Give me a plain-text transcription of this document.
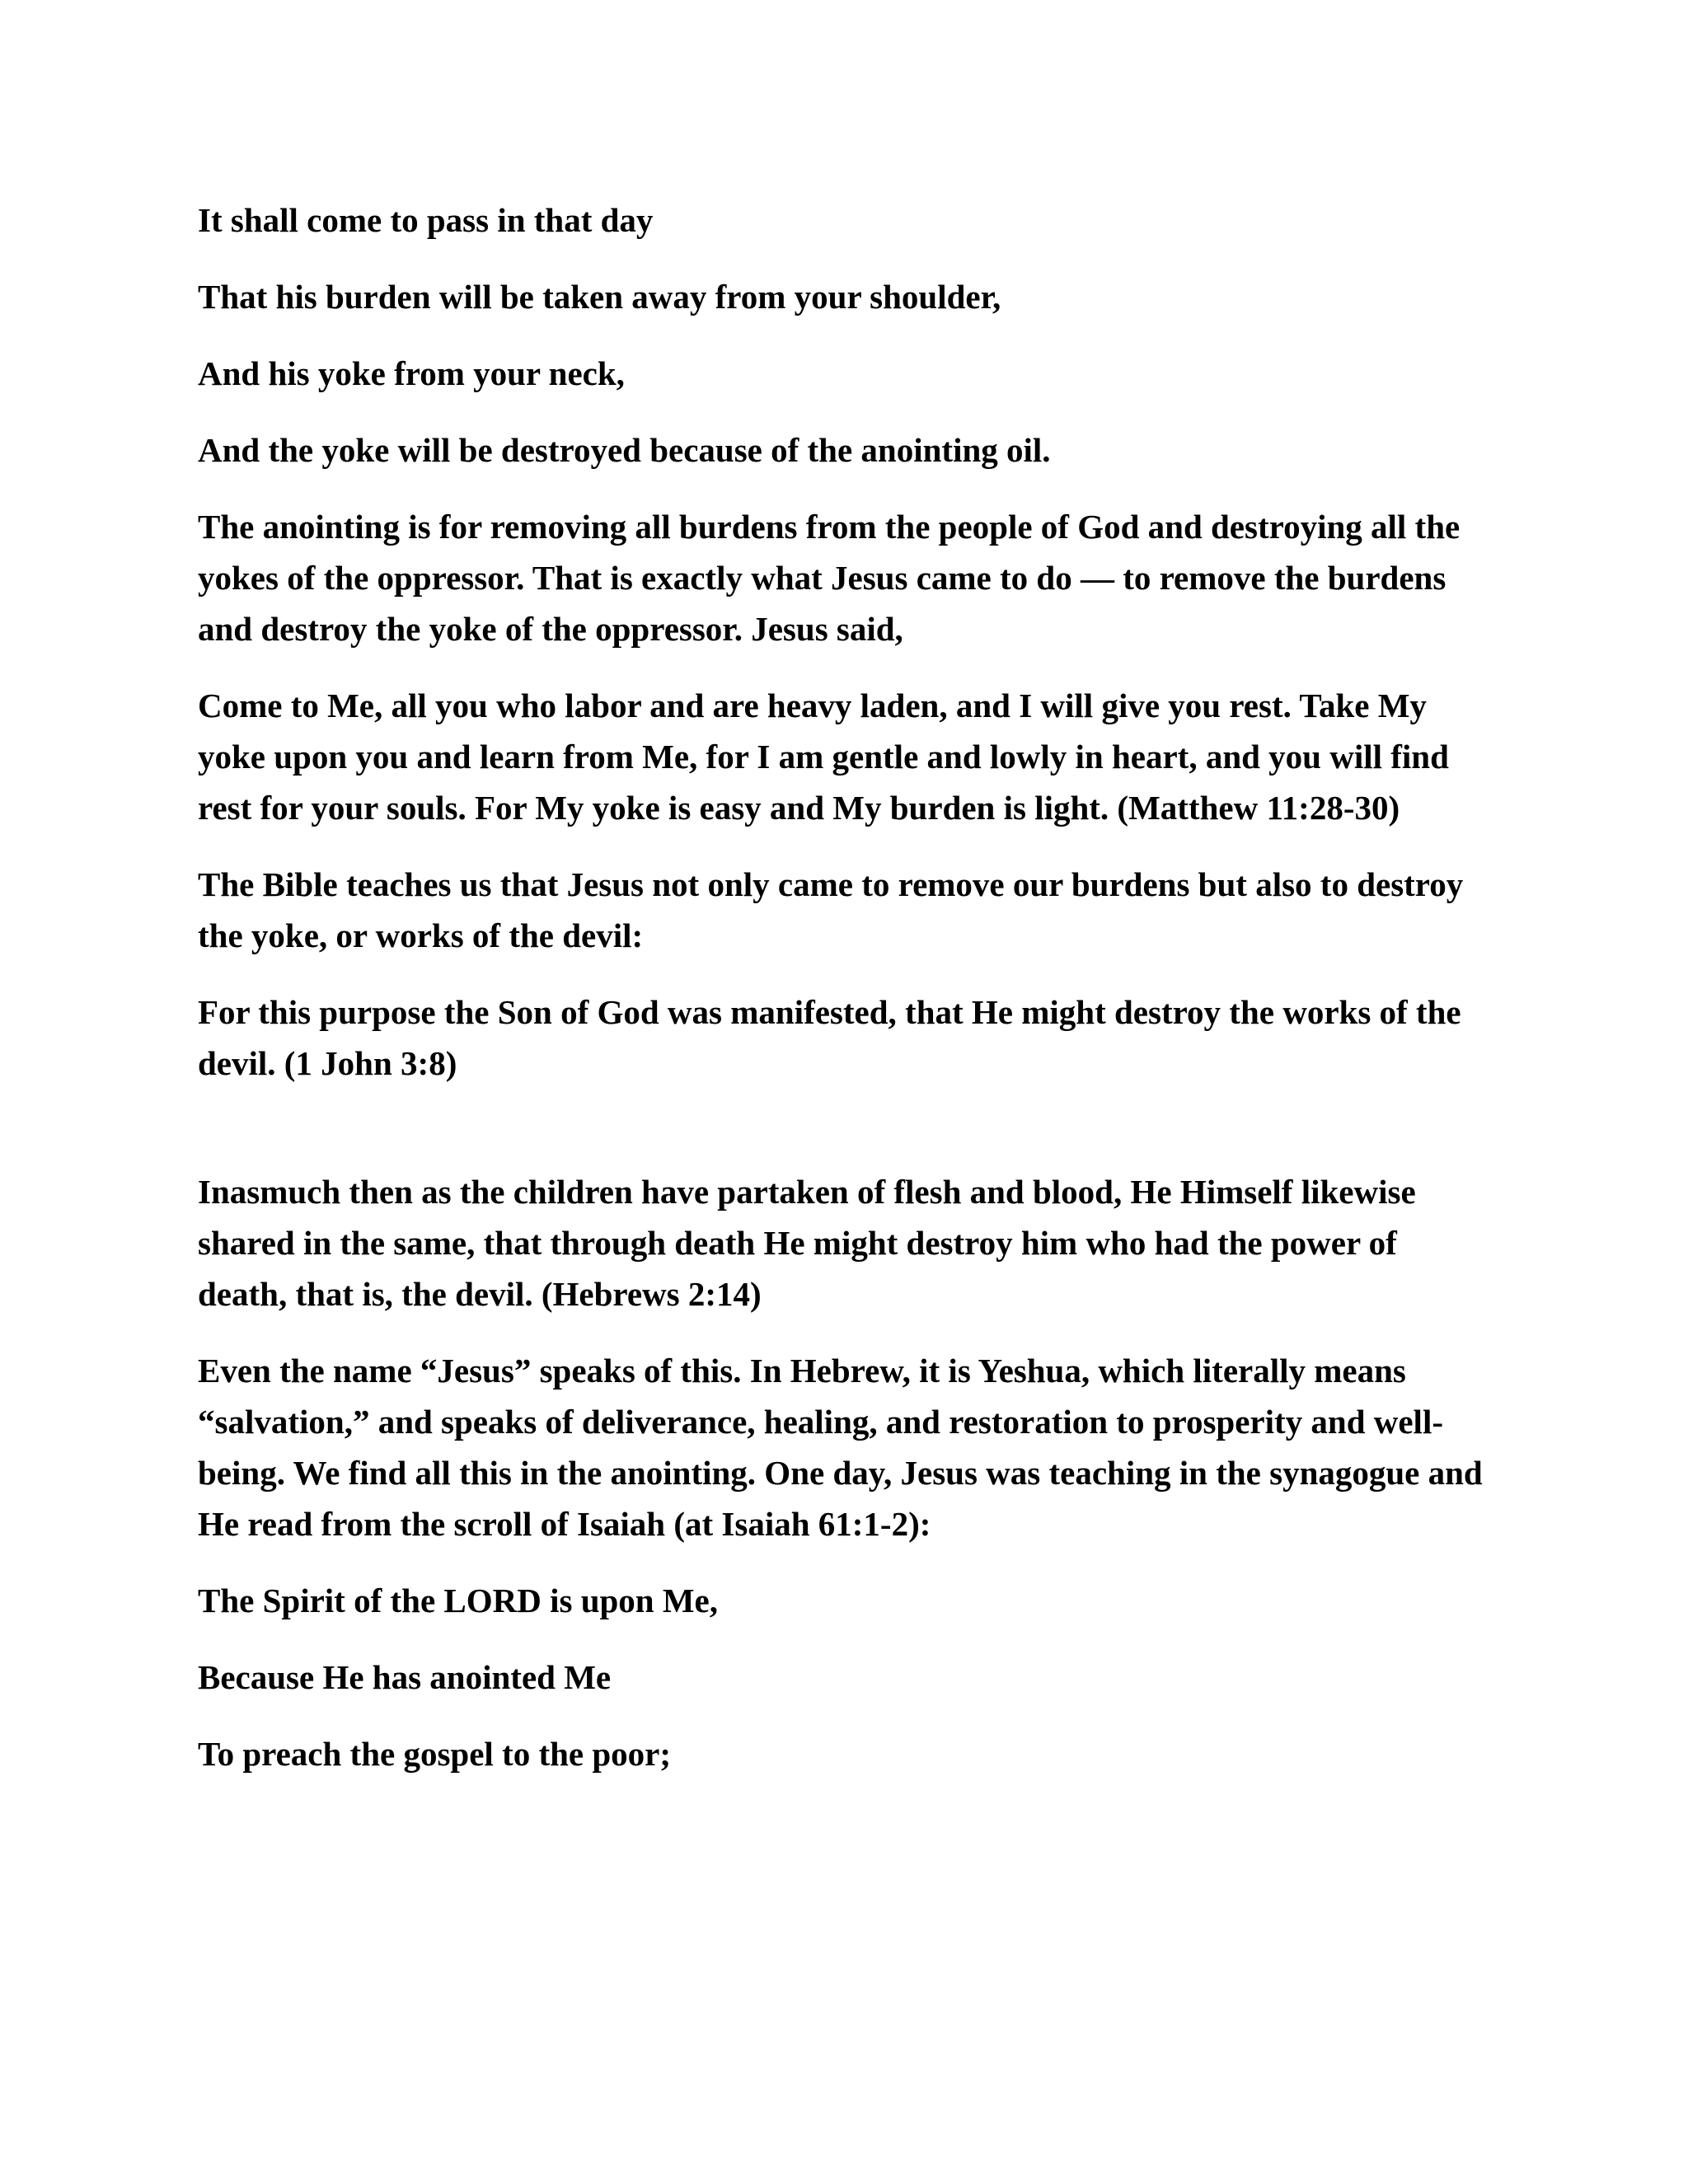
It shall come to pass in that day

That his burden will be taken away from your shoulder,

And his yoke from your neck,

And the yoke will be destroyed because of the anointing oil.

The anointing is for removing all burdens from the people of God and destroying all the yokes of the oppressor. That is exactly what Jesus came to do — to remove the burdens and destroy the yoke of the oppressor. Jesus said,

Come to Me, all you who labor and are heavy laden, and I will give you rest. Take My yoke upon you and learn from Me, for I am gentle and lowly in heart, and you will find rest for your souls. For My yoke is easy and My burden is light. (Matthew 11:28-30)

The Bible teaches us that Jesus not only came to remove our burdens but also to destroy the yoke, or works of the devil:

For this purpose the Son of God was manifested, that He might destroy the works of the devil. (1 John 3:8)

Inasmuch then as the children have partaken of flesh and blood, He Himself likewise shared in the same, that through death He might destroy him who had the power of death, that is, the devil. (Hebrews 2:14)

Even the name “Jesus” speaks of this. In Hebrew, it is Yeshua, which literally means “salvation,” and speaks of deliverance, healing, and restoration to prosperity and well-being. We find all this in the anointing. One day, Jesus was teaching in the synagogue and He read from the scroll of Isaiah (at Isaiah 61:1-2):

The Spirit of the LORD is upon Me,

Because He has anointed Me

To preach the gospel to the poor;
